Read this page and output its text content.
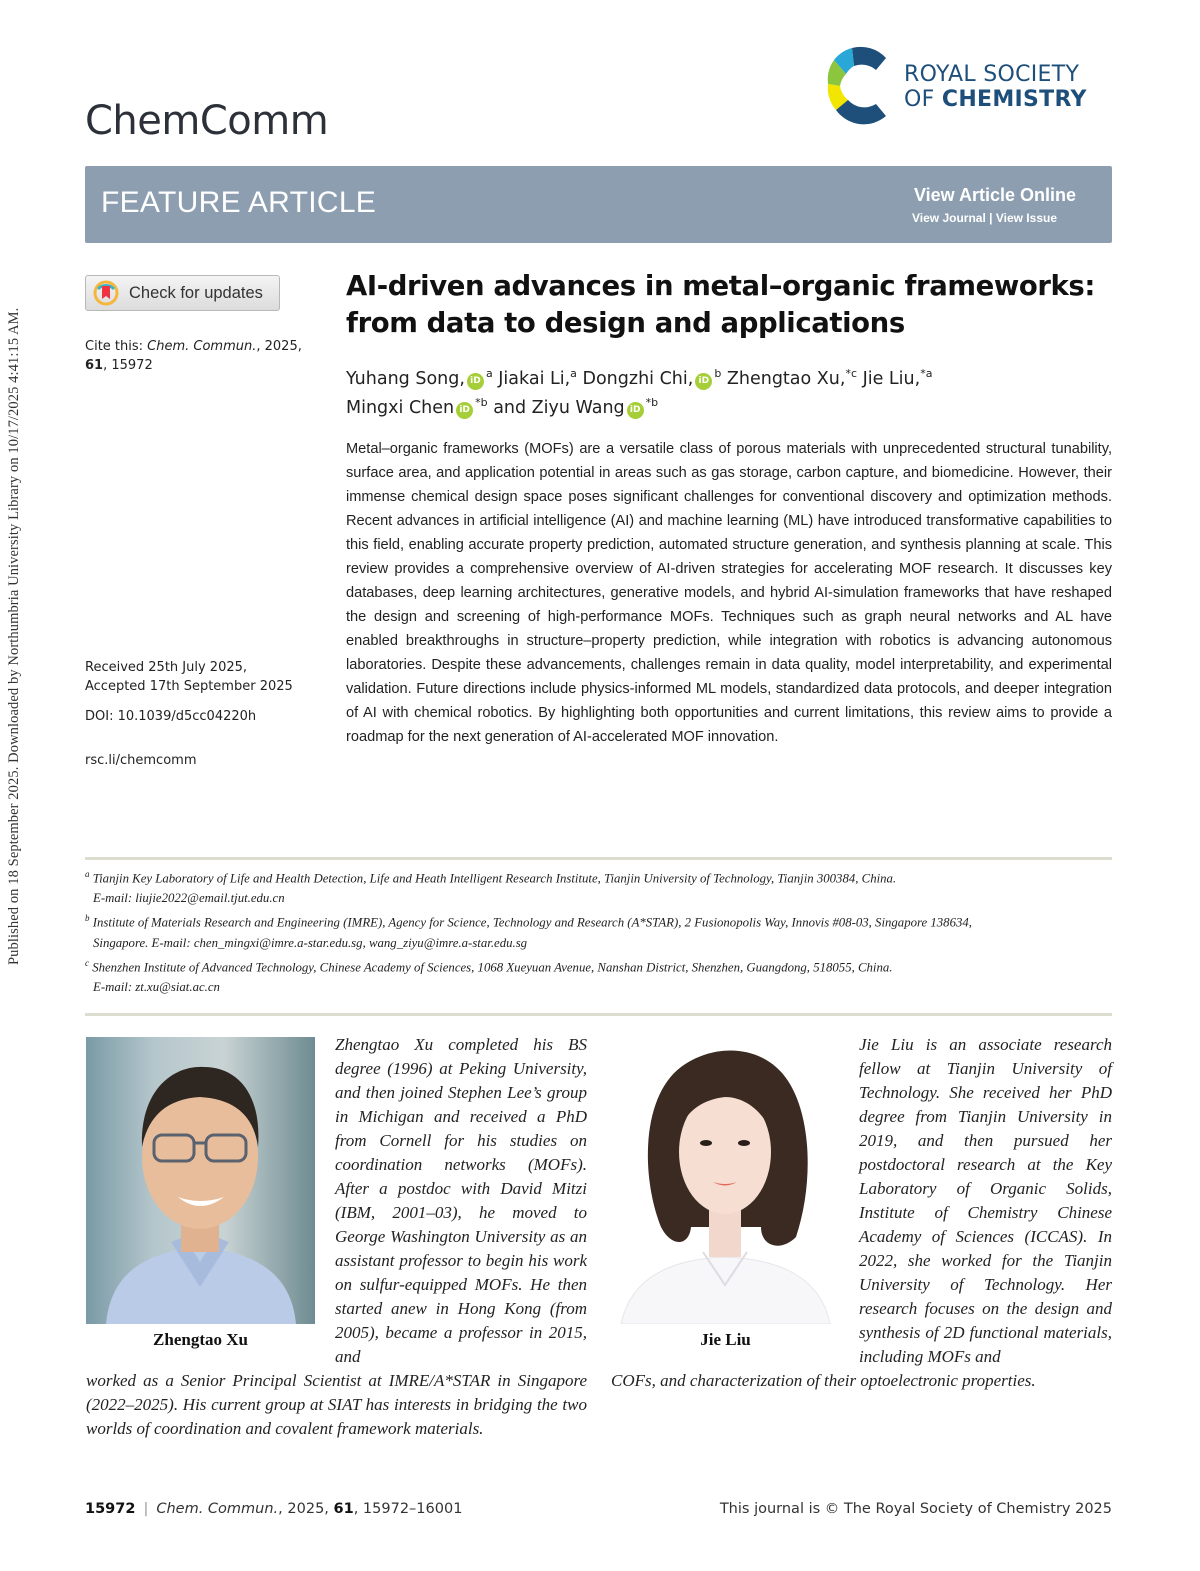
Published on 18 September 2025. Downloaded by Northumbria University Library on 10/17/2025 4:41:15 AM.
ChemComm
ROYAL SOCIETY
OF CHEMISTRY
FEATURE ARTICLE	View Article Online
View Journal | View Issue
Check for updates
Cite this: Chem. Commun., 2025,
61, 15972
Received 25th July 2025,
Accepted 17th September 2025
DOI: 10.1039/d5cc04220h
rsc.li/chemcomm
AI-driven advances in metal–organic frameworks:
from data to design and applications
Yuhang Song, $iD^a$ Jiakai Li,$^a$ Dongzhi Chi, $iD^b$ Zhengtao Xu,$^{*c}$ Jie Liu,$^{*a}$
Mingxi Chen $iD^{*b}$ and Ziyu Wang $iD^{*b}$
Metal–organic frameworks (MOFs) are a versatile class of porous materials with unprecedented structural tunability, surface area, and application potential in areas such as gas storage, carbon capture, and biomedicine. However, their immense chemical design space poses significant challenges for conventional discovery and optimization methods. Recent advances in artificial intelligence (AI) and machine learning (ML) have introduced transformative capabilities to this field, enabling accurate property prediction, automated structure generation, and synthesis planning at scale. This review provides a comprehensive overview of AI-driven strategies for accelerating MOF research. It discusses key databases, deep learning architectures, generative models, and hybrid AI-simulation frameworks that have reshaped the design and screening of high-performance MOFs. Techniques such as graph neural networks and AL have enabled breakthroughs in structure–property prediction, while integration with robotics is advancing autonomous laboratories. Despite these advancements, challenges remain in data quality, model interpretability, and experimental validation. Future directions include physics-informed ML models, standardized data protocols, and deeper integration of AI with chemical robotics. By highlighting both opportunities and current limitations, this review aims to provide a roadmap for the next generation of AI-accelerated MOF innovation.
$^a$ Tianjin Key Laboratory of Life and Health Detection, Life and Heath Intelligent Research Institute, Tianjin University of Technology, Tianjin 300384, China.
E-mail: liujie2022@email.tjut.edu.cn
$^b$ Institute of Materials Research and Engineering (IMRE), Agency for Science, Technology and Research (A*STAR), 2 Fusionopolis Way, Innovis #08-03, Singapore 138634,
Singapore. E-mail: chen_mingxi@imre.a-star.edu.sg, wang_ziyu@imre.a-star.edu.sg
$^c$ Shenzhen Institute of Advanced Technology, Chinese Academy of Sciences, 1068 Xueyuan Avenue, Nanshan District, Shenzhen, Guangdong, 518055, China.
E-mail: zt.xu@siat.ac.cn
Zhengtao Xu
Zhengtao Xu completed his BS degree (1996) at Peking University, and then joined Stephen Lee’s group in Michigan and received a PhD from Cornell for his studies on coordination networks (MOFs). After a postdoc with David Mitzi (IBM, 2001–03), he moved to George Washington University as an assistant professor to begin his work on sulfur-equipped MOFs. He then started anew in Hong Kong (from 2005), became a professor in 2015, and
worked as a Senior Principal Scientist at IMRE/A*STAR in Singapore (2022–2025). His current group at SIAT has interests in bridging the two worlds of coordination and covalent framework materials.
Jie Liu
Jie Liu is an associate research fellow at Tianjin University of Technology. She received her PhD degree from Tianjin University in 2019, and then pursued her postdoctoral research at the Key Laboratory of Organic Solids, Institute of Chemistry Chinese Academy of Sciences (ICCAS). In 2022, she worked for the Tianjin University of Technology. Her research focuses on the design and synthesis of 2D functional materials, including MOFs and
COFs, and characterization of their optoelectronic properties.
15972 | Chem. Commun., 2025, 61, 15972–16001	This journal is © The Royal Society of Chemistry 2025
